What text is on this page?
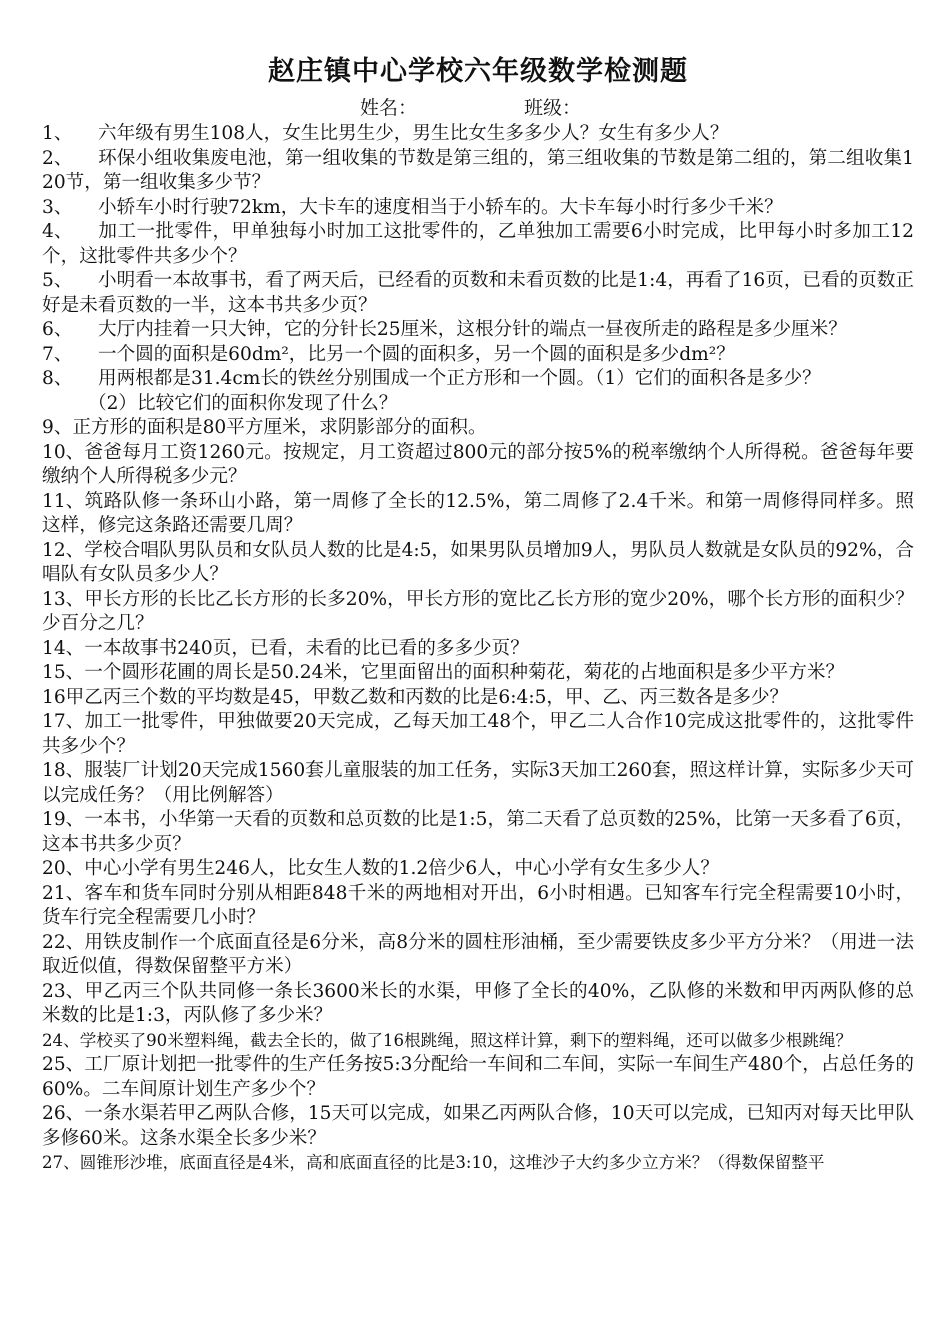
赵庄镇中心学校六年级数学检测题
姓名：	班级：

1、 六年级有男生108人，女生比男生少，男生比女生多多少人？女生有多少人？

2、 环保小组收集废电池，第一组收集的节数是第三组的，第三组收集的节数是第二组的，第二组收集120节，第一组收集多少节？

3、 小轿车小时行驶72km，大卡车的速度相当于小轿车的。大卡车每小时行多少千米？

4、 加工一批零件，甲单独每小时加工这批零件的，乙单独加工需要6小时完成，比甲每小时多加工12个，这批零件共多少个？

5、 小明看一本故事书，看了两天后，已经看的页数和未看页数的比是1:4，再看了16页，已看的页数正好是未看页数的一半，这本书共多少页？

6、 大厅内挂着一只大钟，它的分针长25厘米，这根分针的端点一昼夜所走的路程是多少厘米？

7、 一个圆的面积是60dm²，比另一个圆的面积多，另一个圆的面积是多少dm²？

8、 用两根都是31.4cm长的铁丝分别围成一个正方形和一个圆。（1）它们的面积各是多少？

（2）比较它们的面积你发现了什么？

9、正方形的面积是80平方厘米，求阴影部分的面积。

10、爸爸每月工资1260元。按规定，月工资超过800元的部分按5%的税率缴纳个人所得税。爸爸每年要缴纳个人所得税多少元？

11、筑路队修一条环山小路，第一周修了全长的12.5%，第二周修了2.4千米。和第一周修得同样多。照这样，修完这条路还需要几周？

12、学校合唱队男队员和女队员人数的比是4:5，如果男队员增加9人，男队员人数就是女队员的92%，合唱队有女队员多少人？

13、甲长方形的长比乙长方形的长多20%，甲长方形的宽比乙长方形的宽少20%，哪个长方形的面积少？少百分之几？

14、一本故事书240页，已看，未看的比已看的多多少页？

15、一个圆形花圃的周长是50.24米，它里面留出的面积种菊花，菊花的占地面积是多少平方米？

16甲乙丙三个数的平均数是45，甲数乙数和丙数的比是6:4:5，甲、乙、丙三数各是多少？

17、加工一批零件，甲独做要20天完成，乙每天加工48个，甲乙二人合作10完成这批零件的，这批零件共多少个？

18、服装厂计划20天完成1560套儿童服装的加工任务，实际3天加工260套，照这样计算，实际多少天可以完成任务？（用比例解答）

19、一本书，小华第一天看的页数和总页数的比是1:5，第二天看了总页数的25%，比第一天多看了6页，这本书共多少页？

20、中心小学有男生246人，比女生人数的1.2倍少6人，中心小学有女生多少人？

21、客车和货车同时分别从相距848千米的两地相对开出，6小时相遇。已知客车行完全程需要10小时，货车行完全程需要几小时？

22、用铁皮制作一个底面直径是6分米，高8分米的圆柱形油桶，至少需要铁皮多少平方分米？（用进一法取近似值，得数保留整平方米）

23、甲乙丙三个队共同修一条长3600米长的水渠，甲修了全长的40%，乙队修的米数和甲丙两队修的总米数的比是1:3，丙队修了多少米？

24、学校买了90米塑料绳，截去全长的，做了16根跳绳，照这样计算，剩下的塑料绳，还可以做多少根跳绳？

25、工厂原计划把一批零件的生产任务按5:3分配给一车间和二车间，实际一车间生产480个，占总任务的60%。二车间原计划生产多少个？

26、一条水渠若甲乙两队合修，15天可以完成，如果乙丙两队合修，10天可以完成，已知丙对每天比甲队多修60米。这条水渠全长多少米？

27、圆锥形沙堆，底面直径是4米，高和底面直径的比是3:10，这堆沙子大约多少立方米？（得数保留整平
